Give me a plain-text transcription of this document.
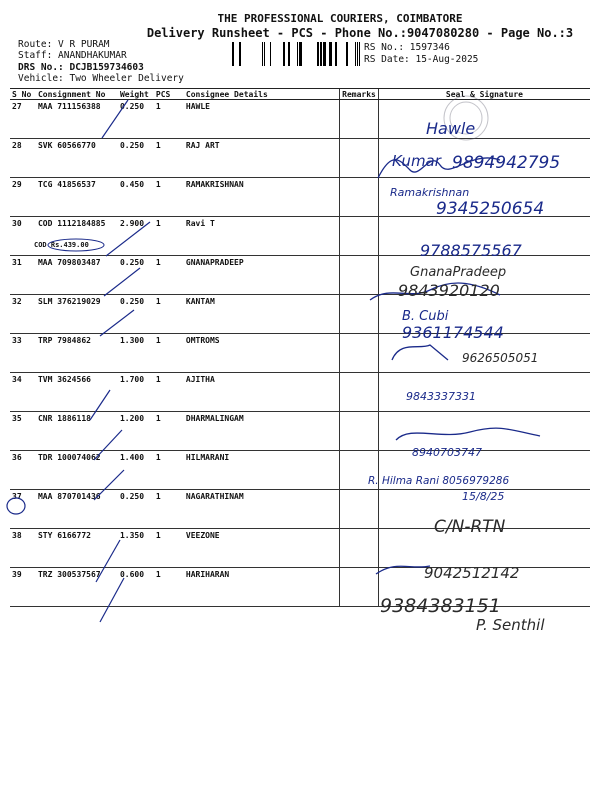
THE PROFESSIONAL COURIERS, COIMBATORE
Delivery Runsheet - PCS - Phone No.:9047080280 - Page No.:3
Route: V R PURAM
Staff: ANANDHAKUMAR
DRS No.: DCJB159734603
Vehicle: Two Wheeler Delivery
RS No.: 1597346
RS Date: 15-Aug-2025
S No	Consignment No	Weight	PCS	Consignee Details	Remarks	Seal & Signature
27	MAA 711156388	0.250	1	HAWLE		
28	SVK 60566770	0.250	1	RAJ ART		
29	TCG 41856537	0.450	1	RAMAKRISHNAN		
30	COD 1112184885	2.900	1	Ravi T		
31	MAA 709803487	0.250	1	GNANAPRADEEP		
32	SLM 376219029	0.250	1	KANTAM		
33	TRP 7984862	1.300	1	OMTROMS		
34	TVM 3624566	1.700	1	AJITHA		
35	CNR 1886118	1.200	1	DHARMALINGAM		
36	TDR 100074062	1.400	1	HILMARANI		
37	MAA 870701436	0.250	1	NAGARATHINAM		
38	STY 6166772	1.350	1	VEEZONE		
39	TRZ 300537567	0.600	1	HARIHARAN		
COD Rs.439.00
Hawle
Kumar 9894942795
Ramakrishnan
9345250654
9788575567
GnanaPradeep
9843920120
B. Cubi
9361174544
9626505051
9843337331
8940703747
R. Hilma Rani 8056979286
15/8/25
C/N-RTN
9042512142
9384383151
P. Senthil
